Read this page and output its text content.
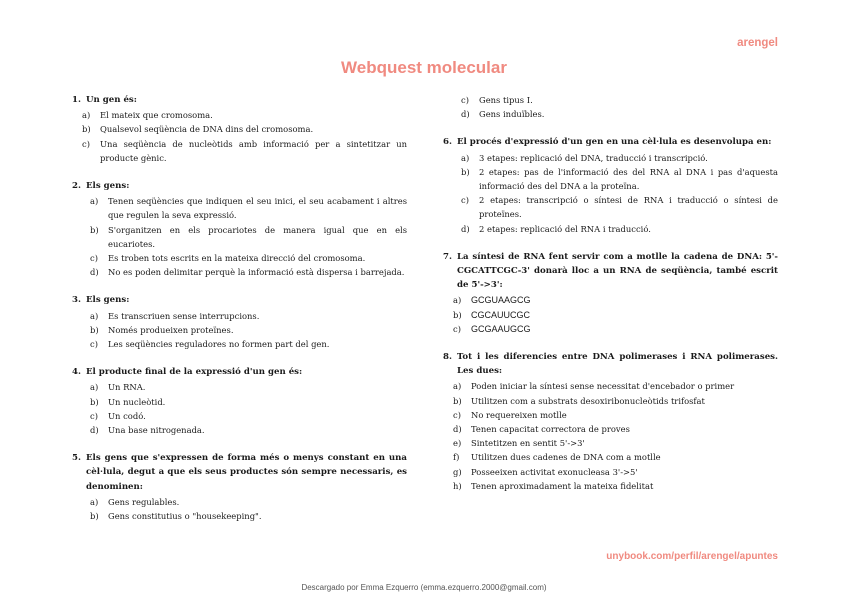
arengel
Webquest molecular
1. Un gen és:
a)	El mateix que cromosoma.
b)	Qualsevol seqüència de DNA dins del cromosoma.
c)	Una seqüència de nucleòtids amb informació per a sintetitzar un producte gènic.
2. Els gens:
a)	Tenen seqüències que indiquen el seu inici, el seu acabament i altres que regulen la seva expressió.
b)	S'organitzen en els procariotes de manera igual que en els eucariotes.
c)	Es troben tots escrits en la mateixa direcció del cromosoma.
d)	No es poden delimitar perquè la informació està dispersa i barrejada.
3. Els gens:
a)	Es transcriuen sense interrupcions.
b)	Només produeixen proteïnes.
c)	Les seqüències reguladores no formen part del gen.
4. El producte final de la expressió d'un gen és:
a)	Un RNA.
b)	Un nucleòtid.
c)	Un codó.
d)	Una base nitrogenada.
5. Els gens que s'expressen de forma més o menys constant en una cèl·lula, degut a que els seus productes són sempre necessaris, es denominen:
a)	Gens regulables.
b)	Gens constitutius o "housekeeping".
c)	Gens tipus I.
d)	Gens induïbles.
6. El procés d'expressió d'un gen en una cèl·lula es desenvolupa en:
a)	3 etapes: replicació del DNA, traducció i transcripció.
b)	2 etapes: pas de l'informació des del RNA al DNA i pas d'aquesta informació des del DNA a la proteïna.
c)	2 etapes: transcripció o síntesi de RNA i traducció o síntesi de proteïnes.
d)	2 etapes: replicació del RNA i traducció.
7. La síntesi de RNA fent servir com a motlle la cadena de DNA: 5'-CGCATTCGC-3' donarà lloc a un RNA de seqüència, també escrit de 5'->3':
a)	GCGUAAGCG
b)	CGCAUUCGC
c)	GCGAAUGCG
8. Tot i les diferencies entre DNA polimerases i RNA polimerases. Les dues:
a)	Poden iniciar la síntesi sense necessitat d'encebador o primer
b)	Utilitzen com a substrats desoxiribonucleòtids trifosfat
c)	No requereixen motlle
d)	Tenen capacitat correctora de proves
e)	Sintetitzen en sentit 5'->3'
f)	Utilitzen dues cadenes de DNA com a motlle
g)	Posseeixen activitat exonucleasa 3'->5'
h)	Tenen aproximadament la mateixa fidelitat
unybook.com/perfil/arengel/apuntes
Descargado por Emma Ezquerro (emma.ezquerro.2000@gmail.com)
